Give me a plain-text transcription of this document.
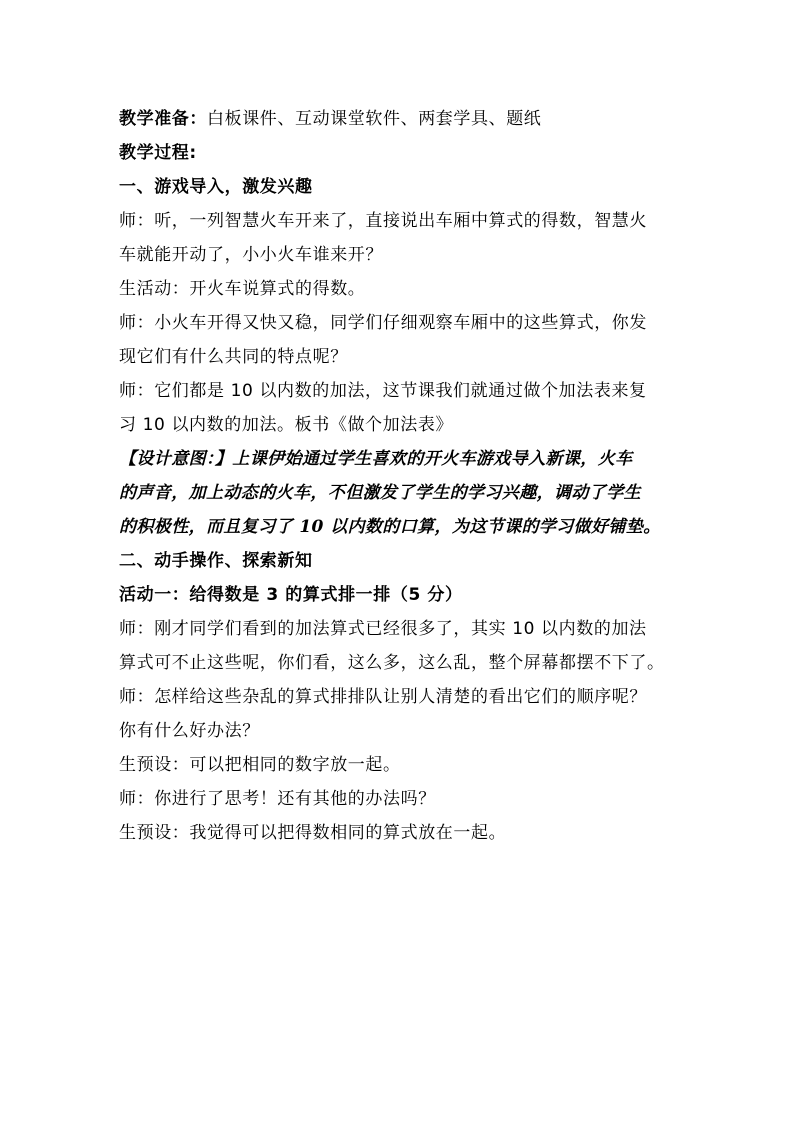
教学准备：白板课件、互动课堂软件、两套学具、题纸
教学过程:
一、游戏导入，激发兴趣
师：听，一列智慧火车开来了，直接说出车厢中算式的得数，智慧火
车就能开动了，小小火车谁来开？
生活动：开火车说算式的得数。
师：小火车开得又快又稳，同学们仔细观察车厢中的这些算式，你发
现它们有什么共同的特点呢？
师：它们都是 10 以内数的加法，这节课我们就通过做个加法表来复
习 10 以内数的加法。板书《做个加法表》
【设计意图：】上课伊始通过学生喜欢的开火车游戏导入新课，火车
的声音，加上动态的火车，不但激发了学生的学习兴趣，调动了学生
的积极性，而且复习了 10 以内数的口算，为这节课的学习做好铺垫。
二、动手操作、探索新知
活动一：给得数是 3 的算式排一排（5 分）
师：刚才同学们看到的加法算式已经很多了，其实 10 以内数的加法
算式可不止这些呢，你们看，这么多，这么乱，整个屏幕都摆不下了。
师：怎样给这些杂乱的算式排排队让别人清楚的看出它们的顺序呢？
你有什么好办法？
生预设：可以把相同的数字放一起。
师：你进行了思考！还有其他的办法吗？
生预设：我觉得可以把得数相同的算式放在一起。
